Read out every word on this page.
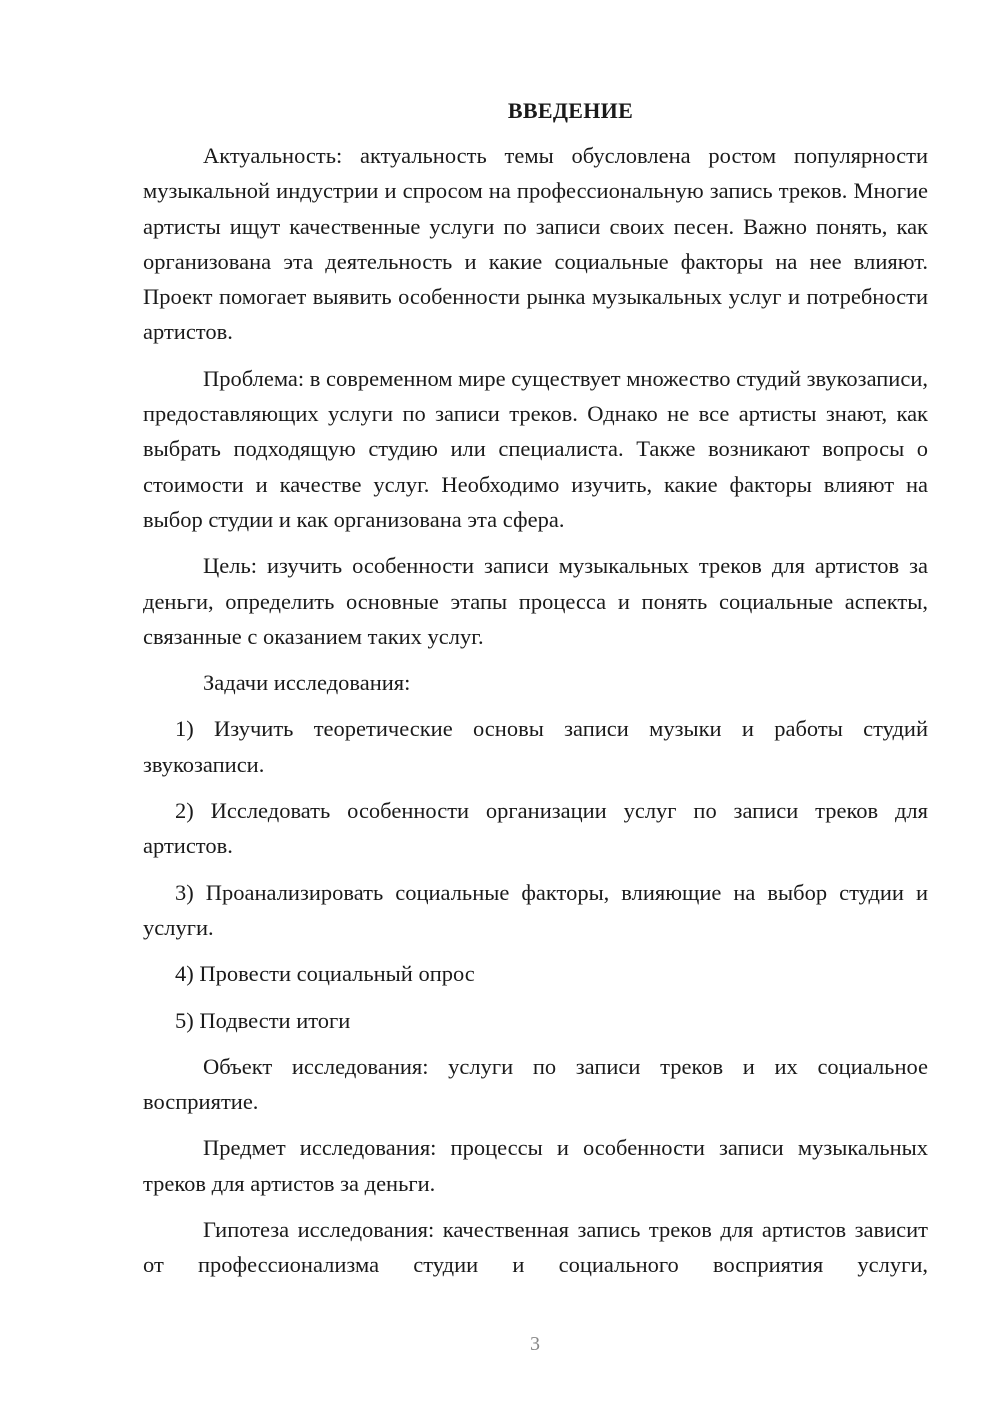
ВВЕДЕНИЕ

Актуальность: актуальность темы обусловлена ростом популярности музыкальной индустрии и спросом на профессиональную запись треков. Многие артисты ищут качественные услуги по записи своих песен. Важно понять, как организована эта деятельность и какие социальные факторы на нее влияют. Проект помогает выявить особенности рынка музыкальных услуг и потребности артистов.

Проблема: в современном мире существует множество студий звукозаписи, предоставляющих услуги по записи треков. Однако не все артисты знают, как выбрать подходящую студию или специалиста. Также возникают вопросы о стоимости и качестве услуг. Необходимо изучить, какие факторы влияют на выбор студии и как организована эта сфера.

Цель: изучить особенности записи музыкальных треков для артистов за деньги, определить основные этапы процесса и понять социальные аспекты, связанные с оказанием таких услуг.

Задачи исследования:

1) Изучить теоретические основы записи музыки и работы студий звукозаписи.

2) Исследовать особенности организации услуг по записи треков для артистов.

3) Проанализировать социальные факторы, влияющие на выбор студии и услуги.

4) Провести социальный опрос

5) Подвести итоги

Объект исследования: услуги по записи треков и их социальное восприятие.

Предмет исследования: процессы и особенности записи музыкальных треков для артистов за деньги.

Гипотеза исследования: качественная запись треков для артистов зависит от профессионализма студии и социального восприятия услуги,

3
